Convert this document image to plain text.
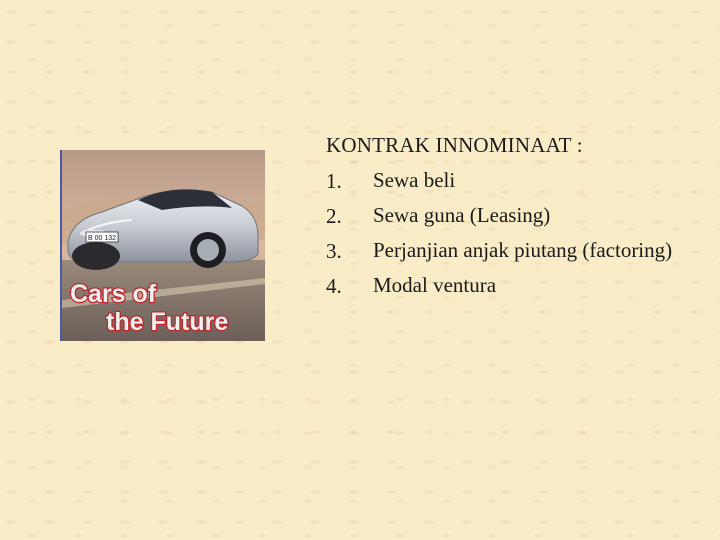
B 00 132
Cars of
the Future
KONTRAK INNOMINAAT :
1.	Sewa beli
2.	Sewa guna (Leasing)
3.	Perjanjian anjak piutang (factoring)
4.	Modal ventura
